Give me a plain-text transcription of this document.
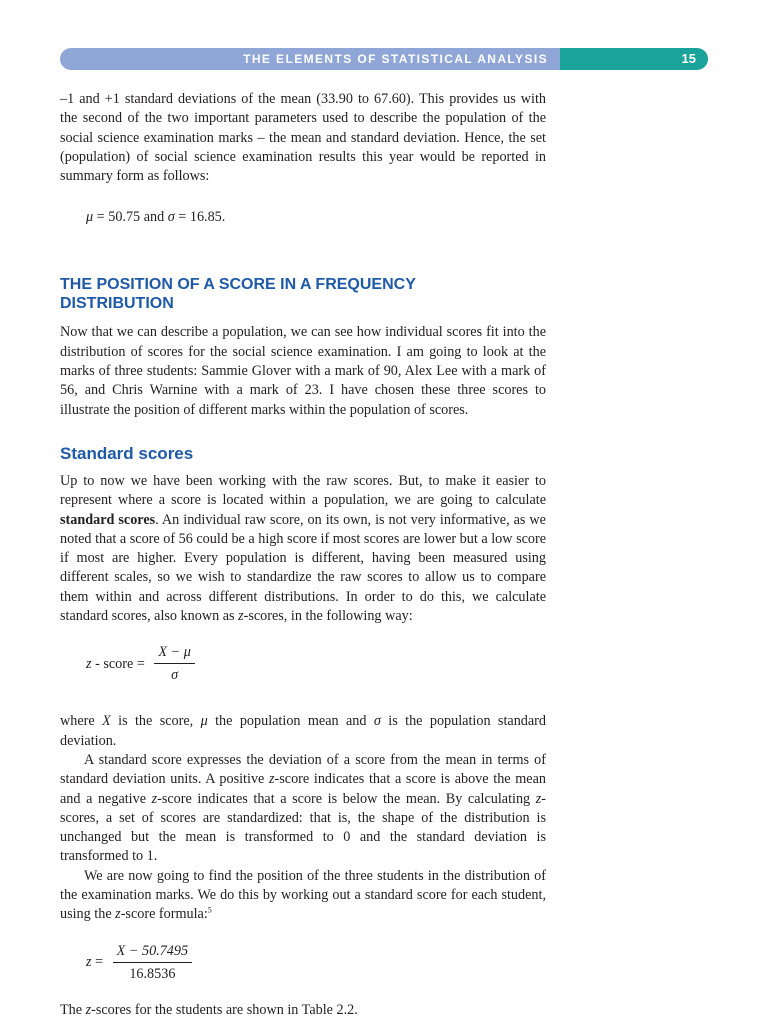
THE ELEMENTS OF STATISTICAL ANALYSIS	15

–1 and +1 standard deviations of the mean (33.90 to 67.60). This provides us with the second of the two important parameters used to describe the population of the social science examination marks – the mean and standard deviation. Hence, the set (population) of social science examination results this year would be reported in summary form as follows:

μ = 50.75 and σ = 16.85.
THE POSITION OF A SCORE IN A FREQUENCY DISTRIBUTION

Now that we can describe a population, we can see how individual scores fit into the distribution of scores for the social science examination. I am going to look at the marks of three students: Sammie Glover with a mark of 90, Alex Lee with a mark of 56, and Chris Warnine with a mark of 23. I have chosen these three scores to illustrate the position of different marks within the population of scores.

Standard scores

Up to now we have been working with the raw scores. But, to make it easier to represent where a score is located within a population, we are going to calculate standard scores. An individual raw score, on its own, is not very informative, as we noted that a score of 56 could be a high score if most scores are lower but a low score if most are higher. Every population is different, having been measured using different scales, so we wish to standardize the raw scores to allow us to compare them within and across different distributions. In order to do this, we calculate standard scores, also known as z-scores, in the following way:

z - score = $\frac{X - \mu}{\sigma}$

where X is the score, μ the population mean and σ is the population standard deviation.

A standard score expresses the deviation of a score from the mean in terms of standard deviation units. A positive z-score indicates that a score is above the mean and a negative z-score indicates that a score is below the mean. By calculating z-scores, a set of scores are standardized: that is, the shape of the distribution is unchanged but the mean is transformed to 0 and the standard deviation is transformed to 1.

We are now going to find the position of the three students in the distribution of the examination marks. We do this by working out a standard score for each student, using the z-score formula:$^5$

$z = \frac{X - 50.7495}{16.8536}$

The z-scores for the students are shown in Table 2.2.
